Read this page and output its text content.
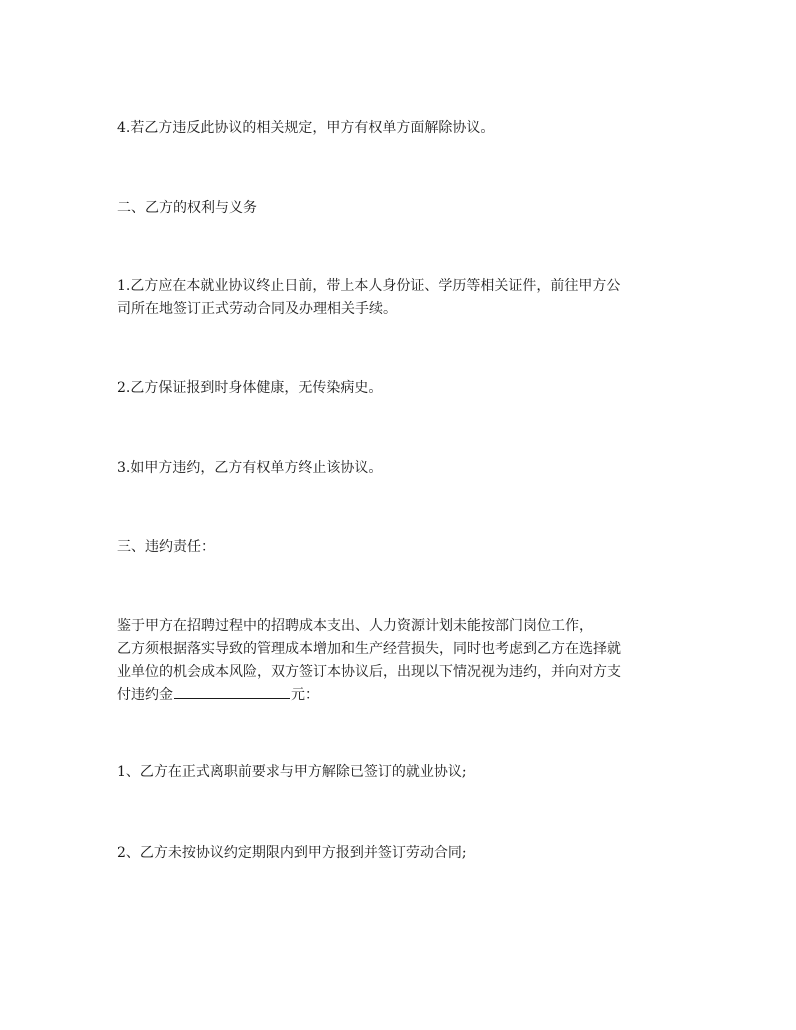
4.若乙方违反此协议的相关规定，甲方有权单方面解除协议。
二、乙方的权利与义务
1.乙方应在本就业协议终止日前，带上本人身份证、学历等相关证件，前往甲方公
司所在地签订正式劳动合同及办理相关手续。
2.乙方保证报到时身体健康，无传染病史。
3.如甲方违约，乙方有权单方终止该协议。
三、违约责任：
鉴于甲方在招聘过程中的招聘成本支出、人力资源计划未能按部门岗位工作，
乙方须根据落实导致的管理成本增加和生产经营损失，同时也考虑到乙方在选择就
业单位的机会成本风险，双方签订本协议后，出现以下情况视为违约，并向对方支
付违约金	元：
1、乙方在正式离职前要求与甲方解除已签订的就业协议;
2、乙方未按协议约定期限内到甲方报到并签订劳动合同;
